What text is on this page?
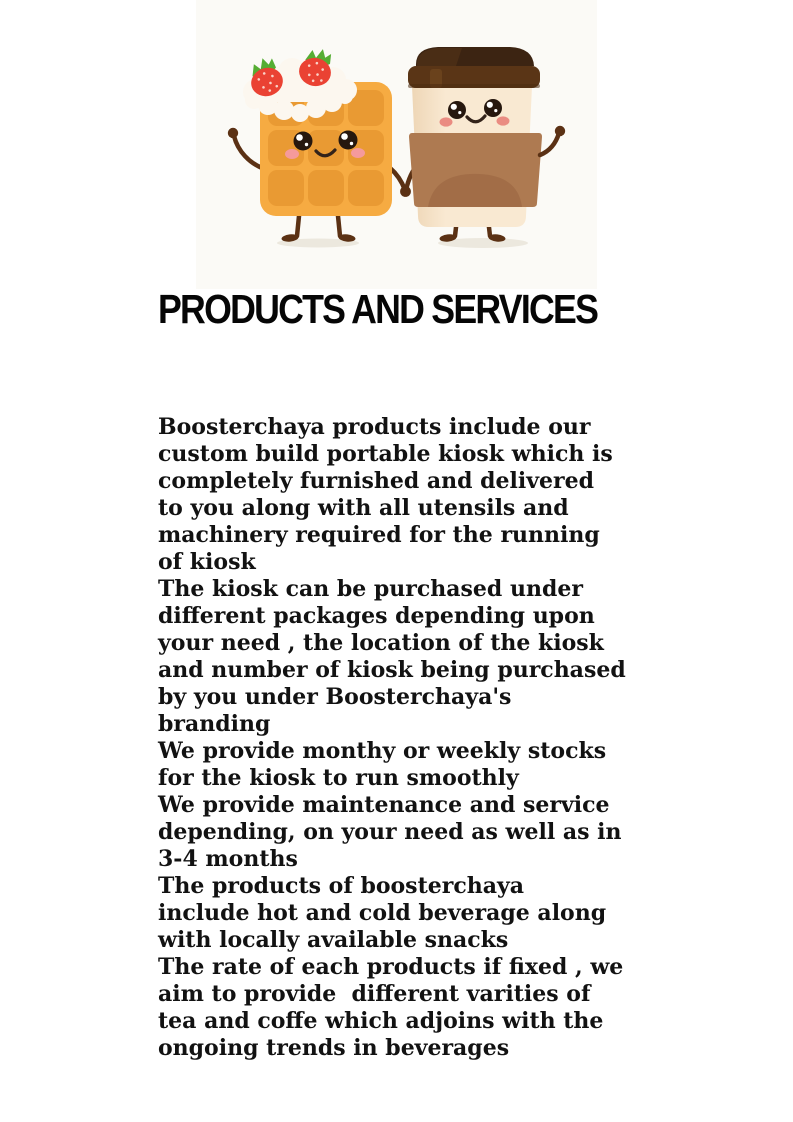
PRODUCTS AND SERVICES
Boosterchaya products include our
custom build portable kiosk which is
completely furnished and delivered
to you along with all utensils and
machinery required for the running
of kiosk
The kiosk can be purchased under
different packages depending upon
your need , the location of the kiosk
and number of kiosk being purchased
by you under Boosterchaya's
branding
We provide monthy or weekly stocks
for the kiosk to run smoothly
We provide maintenance and service
depending, on your need as well as in
3-4 months
The products of boosterchaya
include hot and cold beverage along
with locally available snacks
The rate of each products if fixed , we
aim to provide  different varities of
tea and coffe which adjoins with the
ongoing trends in beverages
